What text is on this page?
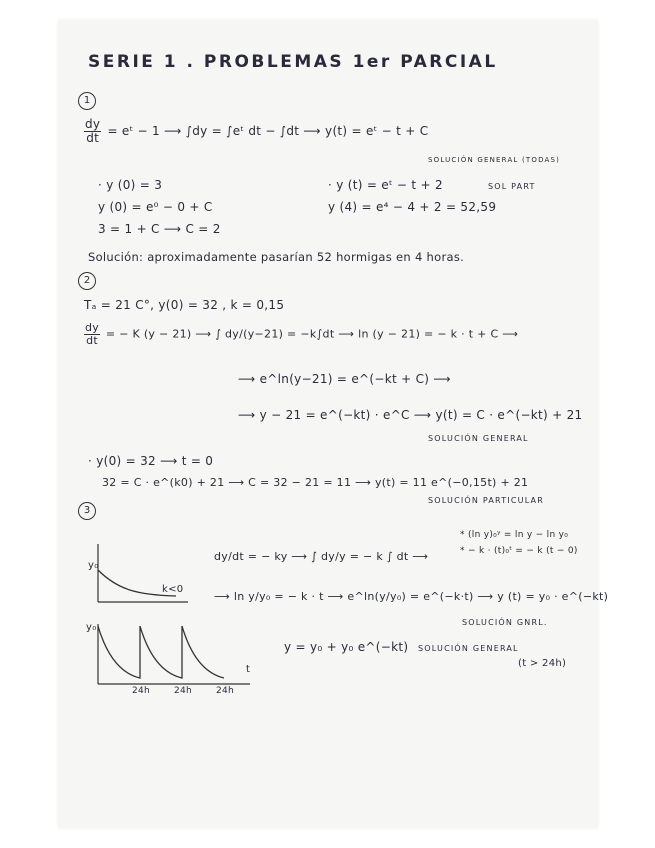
SERIE 1 . PROBLEMAS 1er PARCIAL
1
$\frac{dy}{dt}$ = eᵗ − 1 ⟶ ∫dy = ∫eᵗ dt − ∫dt ⟶ y(t) = eᵗ − t + C
SOLUCIÓN GENERAL (TODAS)
· y (0) = 3
y (0) = e⁰ − 0 + C
3 = 1 + C ⟶ C = 2
· y (t) = eᵗ − t + 2	SOL PART
y (4) = e⁴ − 4 + 2 = 52,59
Solución: aproximadamente pasarían 52 hormigas en 4 horas.
2
Tₐ = 21 C°, y(0) = 32 , k = 0,15
$\frac{dy}{dt}$ = − K (y − 21) ⟶ ∫ dy/(y−21) = −k∫dt ⟶ ln (y − 21) = − k · t + C ⟶
⟶ e^ln(y−21) = e^(−kt + C) ⟶
⟶ y − 21 = e^(−kt) · e^C ⟶ y(t) = C · e^(−kt) + 21
SOLUCIÓN GENERAL
· y(0) = 32 ⟶ t = 0
32 = C · e^(k0) + 21 ⟶ C = 32 − 21 = 11 ⟶ y(t) = 11 e^(−0,15t) + 21
SOLUCIÓN PARTICULAR
3
y₀
k<0
dy/dt = − ky ⟶ ∫ dy/y = − k ∫ dt ⟶
* (ln y)₀ʸ = ln y − ln y₀
* − k · (t)₀ᵗ = − k (t − 0)
⟶ ln y/y₀ = − k · t ⟶ e^ln(y/y₀) = e^(−k·t) ⟶ y (t) = y₀ · e^(−kt)
SOLUCIÓN GNRL.
y₀
t
24h	24h	24h
y = y₀ + y₀ e^(−kt) SOLUCIÓN GENERAL
(t > 24h)
